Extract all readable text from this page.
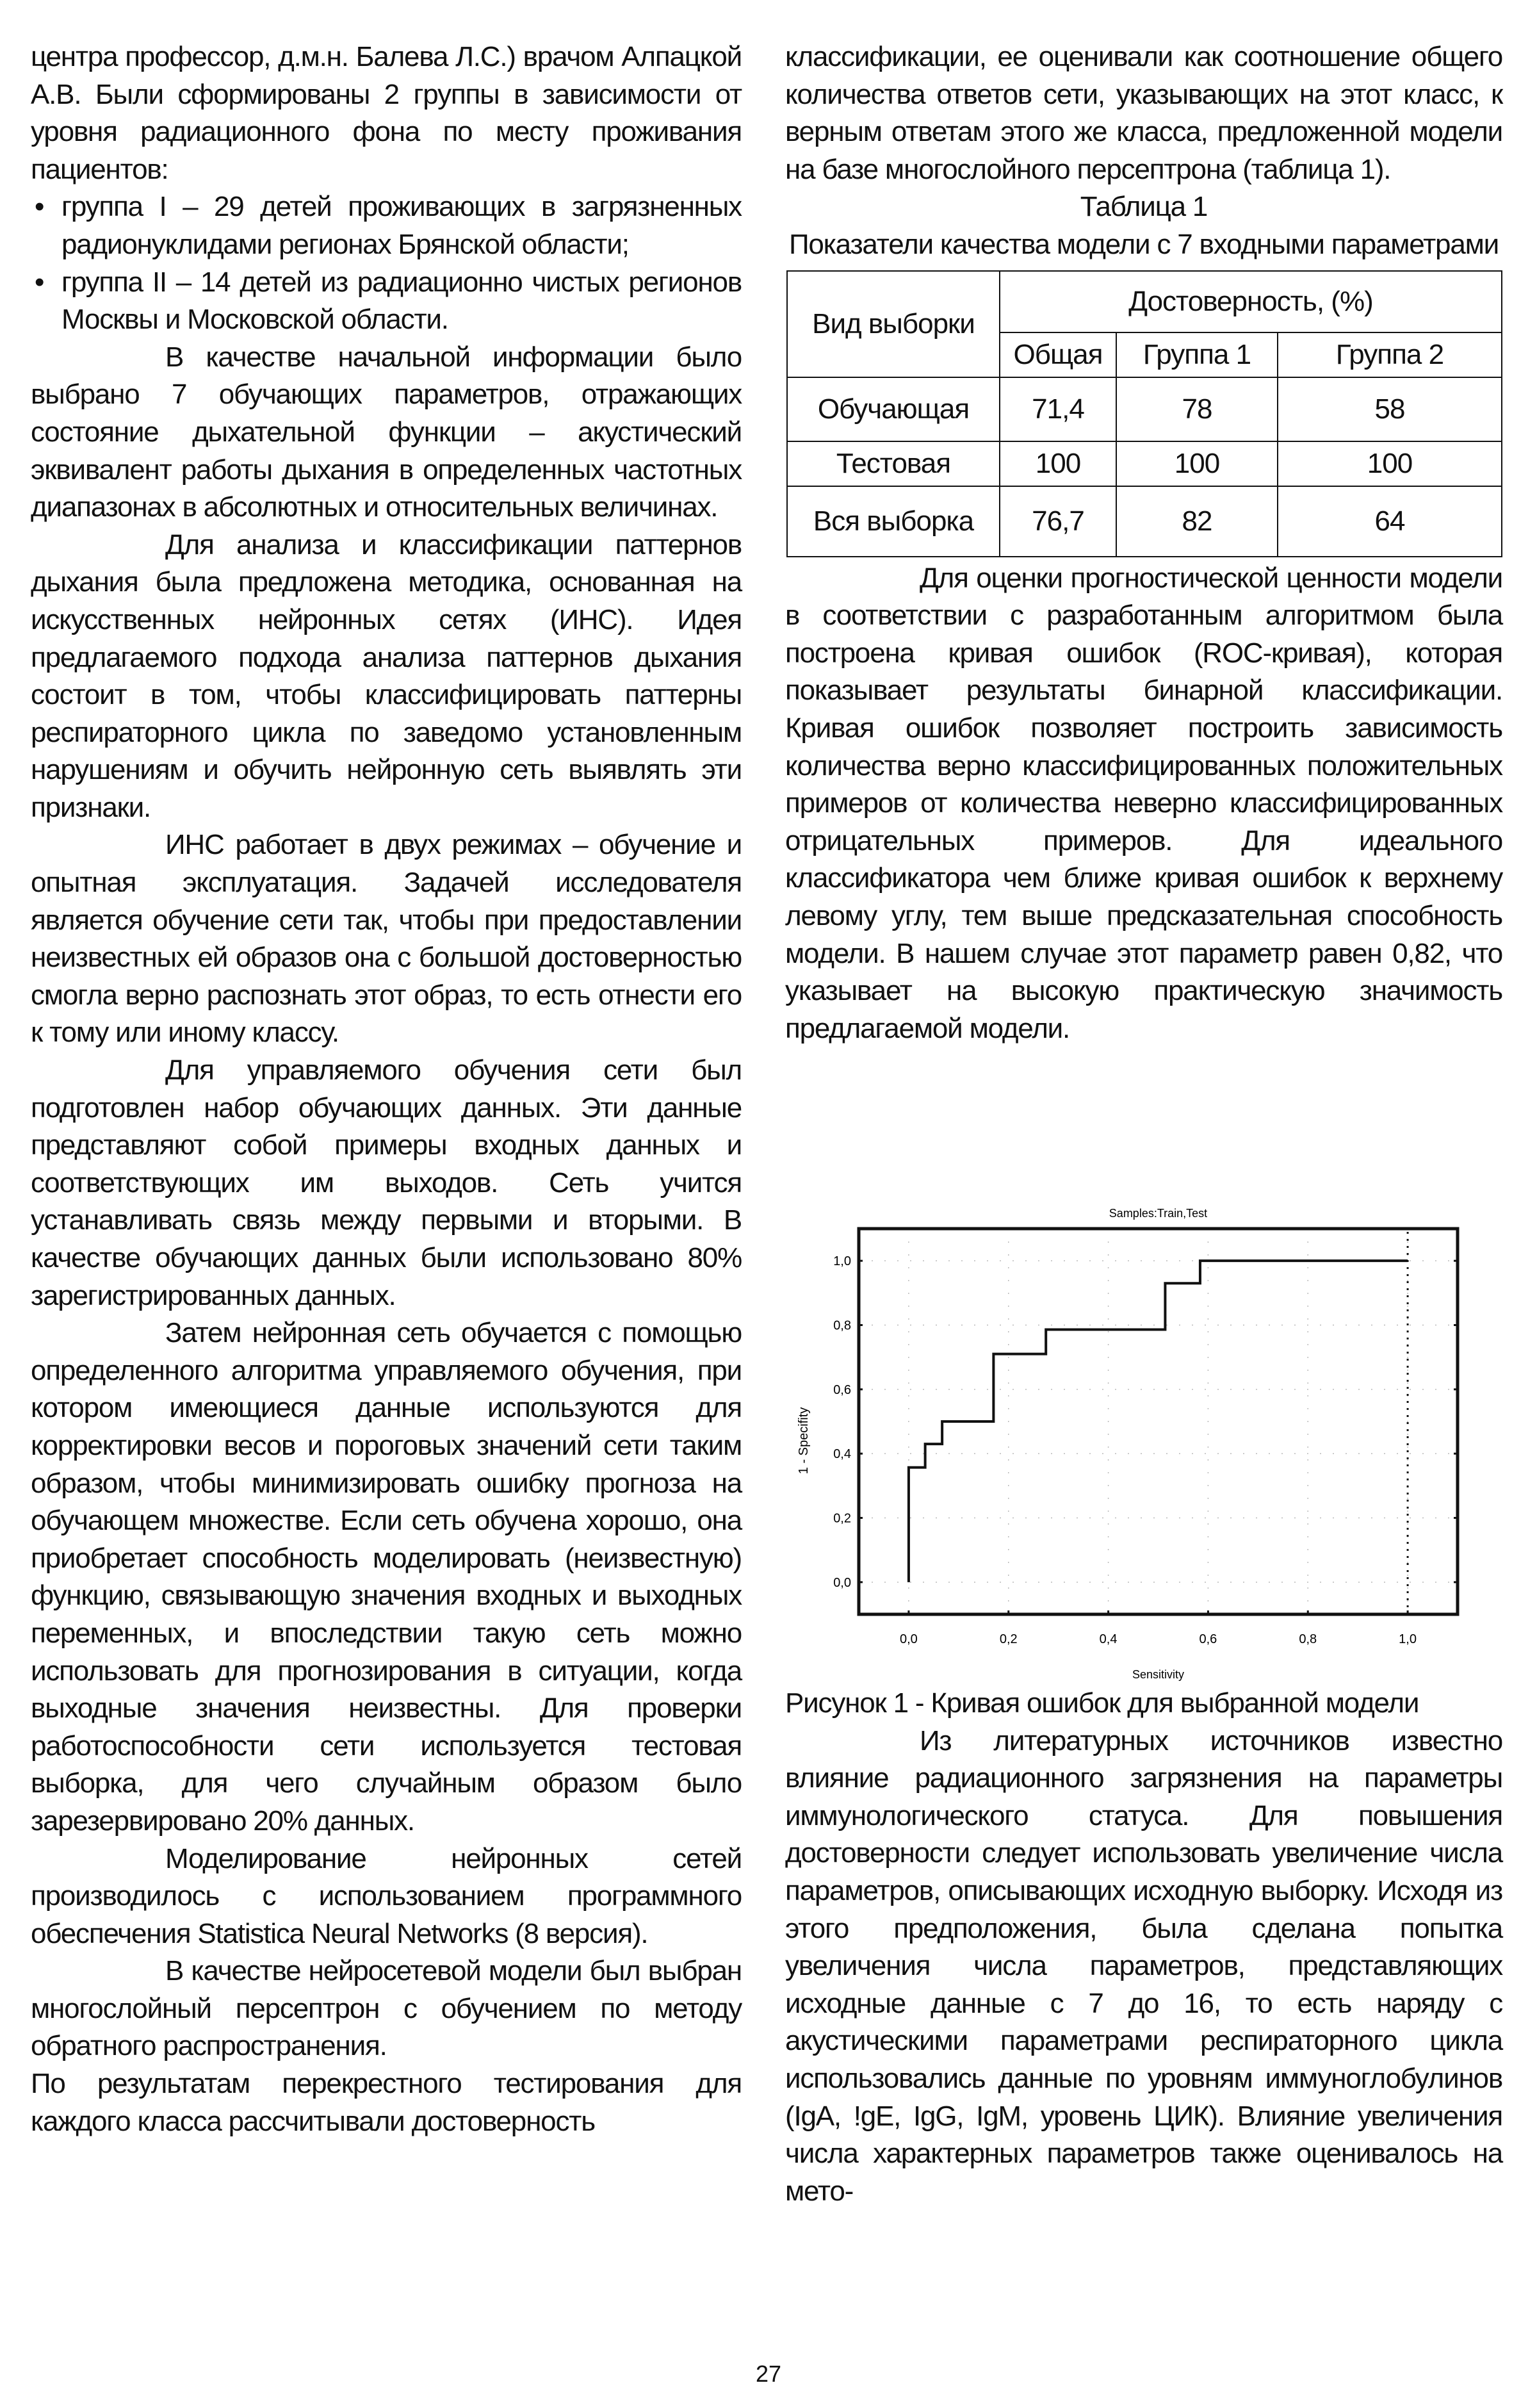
центра профессор, д.м.н. Балева Л.С.) врачом Алпацкой А.В. Были сформированы 2 группы в зависимости от уровня радиационного фона по месту проживания пациентов:

• группа I – 29 детей проживающих в загрязненных радионуклидами регионах Брянской области;

• группа II – 14 детей из радиационно чистых регионов Москвы и Московской области.

В качестве начальной информации было выбрано 7 обучающих параметров, отражающих состояние дыхательной функции – акустический эквивалент работы дыхания в определенных частотных диапазонах в абсолютных и относительных величинах.

Для анализа и классификации паттернов дыхания была предложена методика, основанная на искусственных нейронных сетях (ИНС). Идея предлагаемого подхода анализа паттернов дыхания состоит в том, чтобы классифицировать паттерны респираторного цикла по заведомо установленным нарушениям и обучить нейронную сеть выявлять эти признаки.

ИНС работает в двух режимах – обучение и опытная эксплуатация. Задачей исследователя является обучение сети так, чтобы при предоставлении неизвестных ей образов она с большой достоверностью смогла верно распознать этот образ, то есть отнести его к тому или иному классу.

Для управляемого обучения сети был подготовлен набор обучающих данных. Эти данные представляют собой примеры входных данных и соответствующих им выходов. Сеть учится устанавливать связь между первыми и вторыми. В качестве обучающих данных были использовано 80% зарегистрированных данных.

Затем нейронная сеть обучается с помощью определенного алгоритма управляемого обучения, при котором имеющиеся данные используются для корректировки весов и пороговых значений сети таким образом, чтобы минимизировать ошибку прогноза на обучающем множестве. Если сеть обучена хорошо, она приобретает способность моделировать (неизвестную) функцию, связывающую значения входных и выходных переменных, и впоследствии такую сеть можно использовать для прогнозирования в ситуации, когда выходные значения неизвестны. Для проверки работоспособности сети используется тестовая выборка, для чего случайным образом было зарезервировано 20% данных.

Моделирование нейронных сетей производилось с использованием программного обеспечения Statistica Neural Networks (8 версия).

В качестве нейросетевой модели был выбран многослойный персептрон с обучением по методу обратного распространения.

По результатам перекрестного тестирования для каждого класса рассчитывали достоверность

классификации, ее оценивали как соотношение общего количества ответов сети, указывающих на этот класс, к верным ответам этого же класса, предложенной модели на базе многослойного персептрона (таблица 1).

Таблица 1

Показатели качества модели с 7 входными параметрами

Вид выборки	Достоверность, (%)		
	Общая	Группа 1	Группа 2
Обучающая	71,4	78	58
Тестовая	100	100	100
Вся выборка	76,7	82	64

Для оценки прогностической ценности модели в соответствии с разработанным алгоритмом была построена кривая ошибок (ROC-кривая), которая показывает результаты бинарной классификации. Кривая ошибок позволяет построить зависимость количества верно классифицированных положительных примеров от количества неверно классифицированных отрицательных примеров. Для идеального классификатора чем ближе кривая ошибок к верхнему левому углу, тем выше предсказательная способность модели. В нашем случае этот параметр равен 0,82, что указывает на высокую практическую значимость предлагаемой модели.

Samples:Train,Test
Sensitivity
1 - Specifity
0,0	0,2	0,4	0,6	0,8	1,0
0,0
0,2
0,4
0,6
0,8
1,0

Рисунок 1 - Кривая ошибок для выбранной модели

Из литературных источников известно влияние радиационного загрязнения на параметры иммунологического статуса. Для повышения достоверности следует использовать увеличение числа параметров, описывающих исходную выборку. Исходя из этого предположения, была сделана попытка увеличения числа параметров, представляющих исходные данные с 7 до 16, то есть наряду с акустическими параметрами респираторного цикла использовались данные по уровням иммуноглобулинов (IgA, !gE, IgG, IgM, уровень ЦИК). Влияние увеличения числа характерных параметров также оценивалось на мето-

27
